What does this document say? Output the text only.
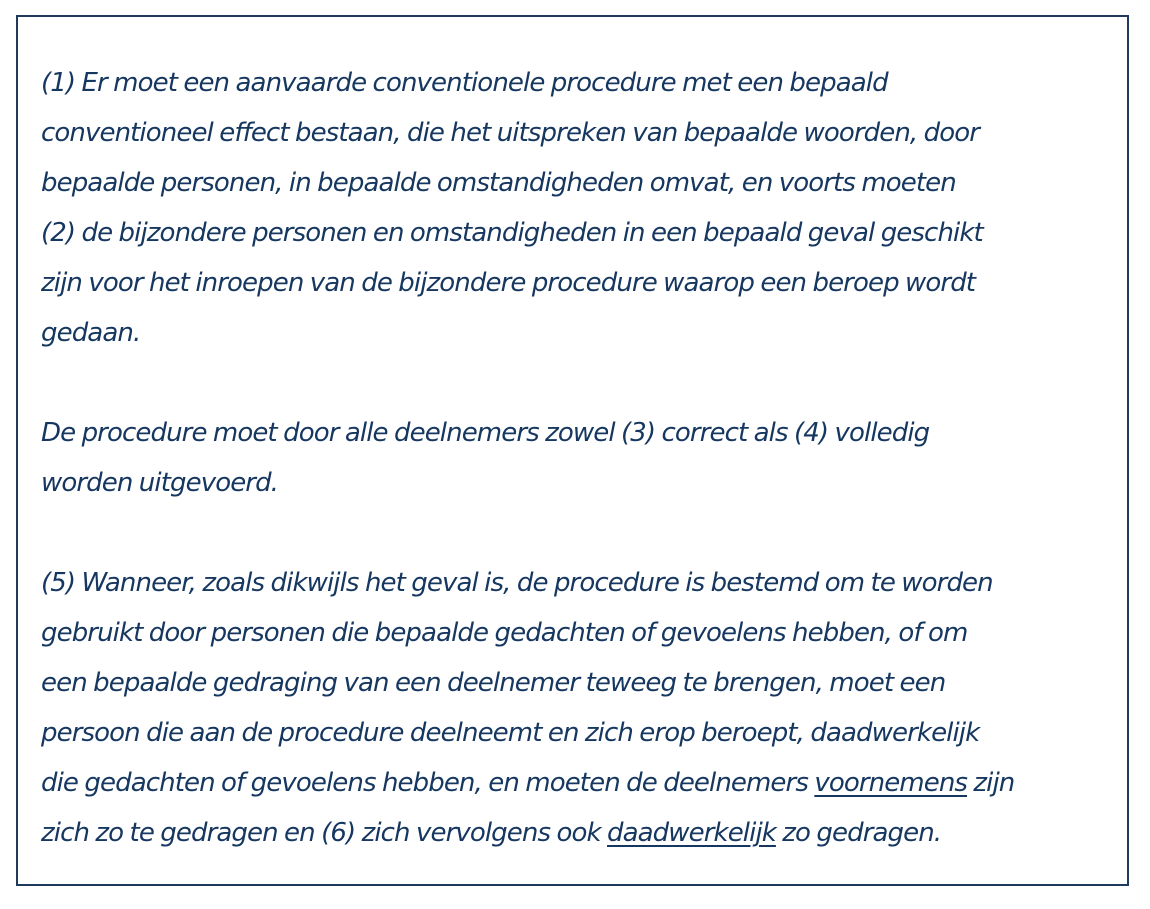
(1) Er moet een aanvaarde conventionele procedure met een bepaald
conventioneel effect bestaan, die het uitspreken van bepaalde woorden, door
bepaalde personen, in bepaalde omstandigheden omvat, en voorts moeten
(2) de bijzondere personen en omstandigheden in een bepaald geval geschikt
zijn voor het inroepen van de bijzondere procedure waarop een beroep wordt
gedaan.

De procedure moet door alle deelnemers zowel (3) correct als (4) volledig
worden uitgevoerd.

(5) Wanneer, zoals dikwijls het geval is, de procedure is bestemd om te worden
gebruikt door personen die bepaalde gedachten of gevoelens hebben, of om
een bepaalde gedraging van een deelnemer teweeg te brengen, moet een
persoon die aan de procedure deelneemt en zich erop beroept, daadwerkelijk
die gedachten of gevoelens hebben, en moeten de deelnemers voornemens zijn
zich zo te gedragen en (6) zich vervolgens ook daadwerkelijk zo gedragen.
